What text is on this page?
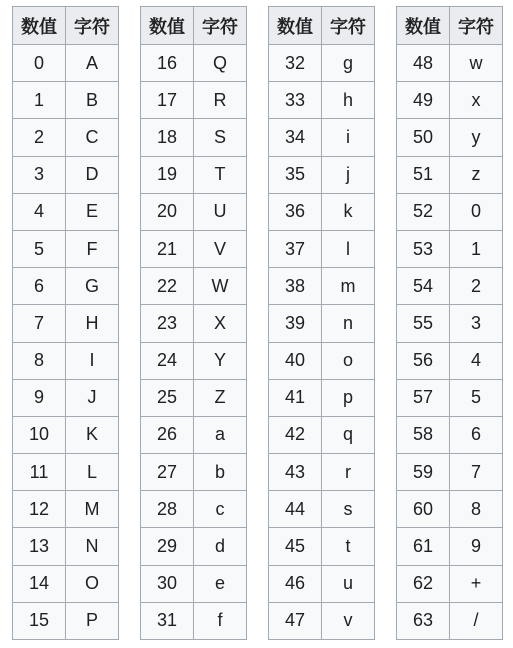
数值	字符
0	A
1	B
2	C
3	D
4	E
5	F
6	G
7	H
8	I
9	J
10	K
11	L
12	M
13	N
14	O
15	P
数值	字符
16	Q
17	R
18	S
19	T
20	U
21	V
22	W
23	X
24	Y
25	Z
26	a
27	b
28	c
29	d
30	e
31	f
数值	字符
32	g
33	h
34	i
35	j
36	k
37	l
38	m
39	n
40	o
41	p
42	q
43	r
44	s
45	t
46	u
47	v
数值	字符
48	w
49	x
50	y
51	z
52	0
53	1
54	2
55	3
56	4
57	5
58	6
59	7
60	8
61	9
62	+
63	/
